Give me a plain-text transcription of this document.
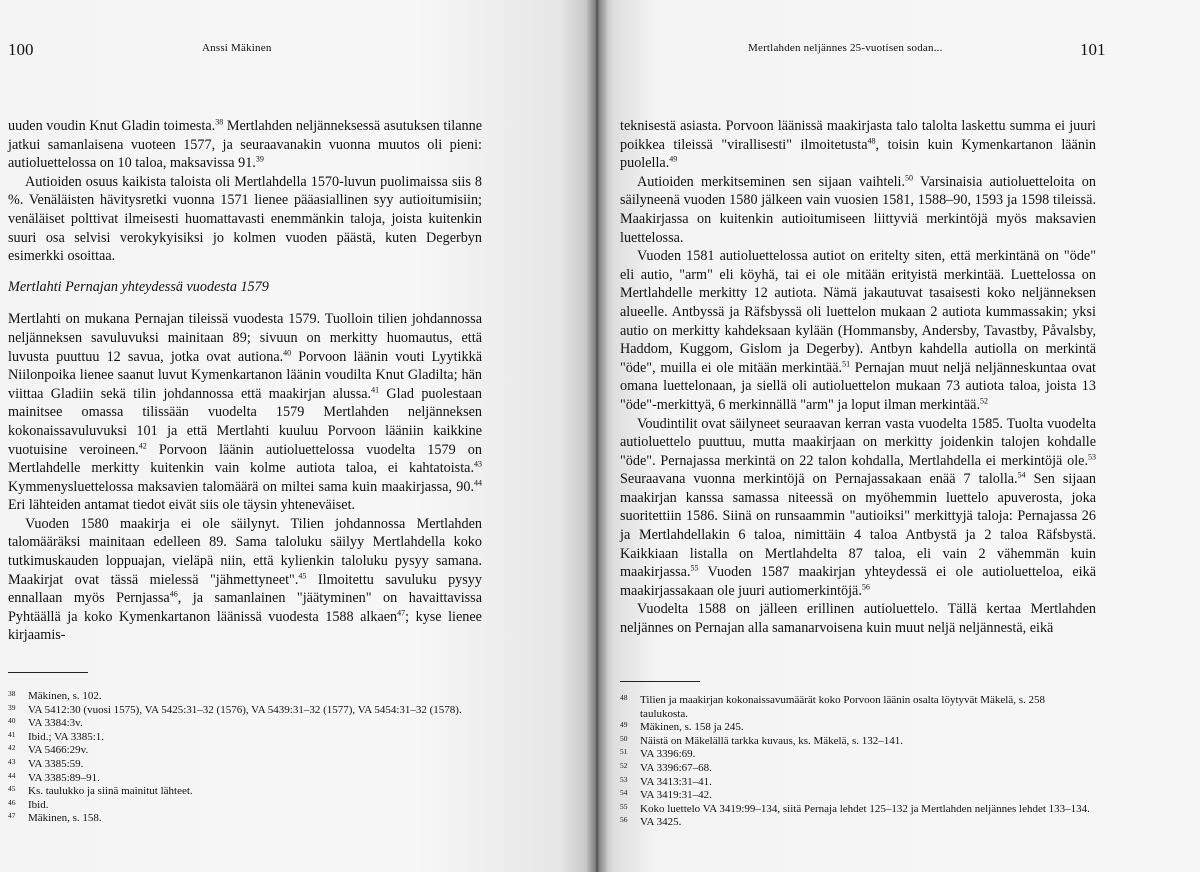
100	Anssi Mäkinen

uuden voudin Knut Gladin toimesta.$^{38}$ Mertlahden neljänneksessä asutuksen tilanne jatkui samanlaisena vuoteen 1577, ja seuraavanakin vuonna muutos oli pieni: autioluettelossa on 10 taloa, maksavissa 91.39

Autioiden osuus kaikista taloista oli Mertlahdella 1570-luvun puolimaissa siis 8 %. Venäläisten hävitysretki vuonna 1571 lienee pääasiallinen syy autioitumisiin; venäläiset polttivat ilmeisesti huomattavasti enemmänkin taloja, joista kuitenkin suuri osa selvisi verokykyisiksi jo kolmen vuoden päästä, kuten Degerbyn esimerkki osoittaa.

Mertlahti Pernajan yhteydessä vuodesta 1579

Mertlahti on mukana Pernajan tileissä vuodesta 1579. Tuolloin tilien johdannossa neljänneksen savuluvuksi mainitaan 89; sivuun on merkitty huomautus, että luvusta puuttuu 12 savua, jotka ovat autiona.$^{40}$ Porvoon läänin vouti Lyytikkä Niilonpoika lienee saanut luvut Kymenkartanon läänin voudilta Knut Gladilta; hän viittaa Gladiin sekä tilin johdannossa että maakirjan alussa.$^{41}$ Glad puolestaan mainitsee omassa tilissään vuodelta 1579 Mertlahden neljänneksen kokonaissavuluvuksi 101 ja että Mertlahti kuuluu Porvoon lääniin kaikkine vuotuisine veroineen.$^{42}$ Porvoon läänin autioluettelossa vuodelta 1579 on Mertlahdelle merkitty kuitenkin vain kolme autiota taloa, ei kahtatoista.$^{43}$ Kymmenysluettelossa maksavien talomäärä on miltei sama kuin maakirjassa, 90.44 Eri lähteiden antamat tiedot eivät siis ole täysin yhteneväiset.

Vuoden 1580 maakirja ei ole säilynyt. Tilien johdannossa Mertlahden talomääräksi mainitaan edelleen 89. Sama taloluku säilyy Mertlahdella koko tutkimuskauden loppuajan, vieläpä niin, että kylienkin taloluku pysyy samana. Maakirjat ovat tässä mielessä "jähmettyneet".$^{45}$ Ilmoitettu savuluku pysyy ennallaan myös Pernjassa$^{46}$, ja samanlainen "jäätyminen" on havaittavissa Pyhtäällä ja koko Kymenkartanon läänissä vuodesta 1588 alkaen$^{47}$; kyse lienee kirjaamis-

38	Mäkinen, s. 102.
39	VA 5412:30 (vuosi 1575), VA 5425:31–32 (1576), VA 5439:31–32 (1577), VA 5454:31–32 (1578).
40	VA 3384:3v.
41	Ibid.; VA 3385:1.
42	VA 5466:29v.
43	VA 3385:59.
44	VA 3385:89–91.
45	Ks. taulukko ja siinä mainitut lähteet.
46	Ibid.
47	Mäkinen, s. 158.
Mertlahden neljännes 25-vuotisen sodan...	101

teknisestä asiasta. Porvoon läänissä maakirjasta talo talolta laskettu summa ei juuri poikkea tileissä "virallisesti" ilmoitetusta$^{48}$, toisin kuin Kymenkartanon läänin puolella.$^{49}$

Autioiden merkitseminen sen sijaan vaihteli.$^{50}$ Varsinaisia autioluetteloita on säilyneenä vuoden 1580 jälkeen vain vuosien 1581, 1588–90, 1593 ja 1598 tileissä. Maakirjassa on kuitenkin autioitumiseen liittyviä merkintöjä myös maksavien luettelossa.

Vuoden 1581 autioluettelossa autiot on eritelty siten, että merkintänä on "öde" eli autio, "arm" eli köyhä, tai ei ole mitään erityistä merkintää. Luettelossa on Mertlahdelle merkitty 12 autiota. Nämä jakautuvat tasaisesti koko neljänneksen alueelle. Antbyssä ja Räfsbyssä oli luettelon mukaan 2 autiota kummassakin; yksi autio on merkitty kahdeksaan kylään (Hommansby, Andersby, Tavastby, Påvalsby, Haddom, Kuggom, Gislom ja Degerby). Antbyn kahdella autiolla on merkintä "öde", muilla ei ole mitään merkintää.$^{51}$ Pernajan muut neljä neljänneskuntaa ovat omana luettelonaan, ja siellä oli autioluettelon mukaan 73 autiota taloa, joista 13 "öde"-merkittyä, 6 merkinnällä "arm" ja loput ilman merkintää.$^{52}$

Voudintilit ovat säilyneet seuraavan kerran vasta vuodelta 1585. Tuolta vuodelta autioluettelo puuttuu, mutta maakirjaan on merkitty joidenkin talojen kohdalle "öde". Pernajassa merkintä on 22 talon kohdalla, Mertlahdella ei merkintöjä ole.$^{53}$ Seuraavana vuonna merkintöjä on Pernajassakaan enää 7 talolla.$^{54}$ Sen sijaan maakirjan kanssa samassa niteessä on myöhemmin luettelo apuverosta, joka suoritettiin 1586. Siinä on runsaammin "autioiksi" merkittyjä taloja: Pernajassa 26 ja Mertlahdellakin 6 taloa, nimittäin 4 taloa Antbystä ja 2 taloa Räfsbystä. Kaikkiaan listalla on Mertlahdelta 87 taloa, eli vain 2 vähemmän kuin maakirjassa.$^{55}$ Vuoden 1587 maakirjan yhteydessä ei ole autioluetteloa, eikä maakirjassakaan ole juuri autiomerkintöjä.$^{56}$

Vuodelta 1588 on jälleen erillinen autioluettelo. Tällä kertaa Mertlahden neljännes on Pernajan alla samanarvoisena kuin muut neljä neljännestä, eikä

48	Tilien ja maakirjan kokonaissavumäärät koko Porvoon läänin osalta löytyvät Mäkelä, s. 258 taulukosta.
49	Mäkinen, s. 158 ja 245.
50	Näistä on Mäkelällä tarkka kuvaus, ks. Mäkelä, s. 132–141.
51	VA 3396:69.
52	VA 3396:67–68.
53	VA 3413:31–41.
54	VA 3419:31–42.
55	Koko luettelo VA 3419:99–134, siitä Pernaja lehdet 125–132 ja Mertlahden neljännes lehdet 133–134.
56	VA 3425.
